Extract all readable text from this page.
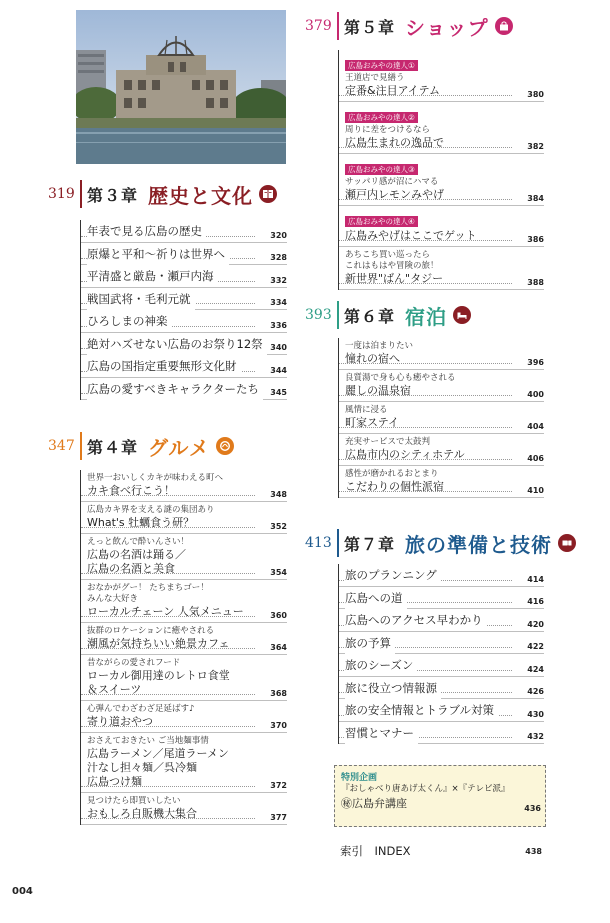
319 第３章 歴史と文化
年表で見る広島の歴史	320
原爆と平和〜祈りは世界へ	328
平清盛と厳島・瀬戸内海	332
戦国武将・毛利元就	334
ひろしまの神楽	336
絶対ハズせない広島のお祭り12祭 340
広島の国指定重要無形文化財	344
広島の愛すべきキャラクターたち	345
347 第４章 グルメ
世界一おいしくカキが味わえる町へ
カキ食べ行こう！	348
広島カキ界を支える謎の集団あり
What's 牡蠣食う研？	352
えっと飲んで酔いんさい！
広島の名酒は踊る／
広島の名酒と美食	354
おなかがグー！ たちまちゴー！
みんな大好き
ローカルチェーン 人気メニュー	360
抜群のロケーションに癒やされる
潮風が気持ちいい絶景カフェ	364
昔ながらの愛されフード
ローカル御用達のレトロ食堂
＆スイーツ	368
心弾んでわざわざ足延ばす♪
寄り道おやつ	370
おさえておきたい ご当地麺事情
広島ラーメン／尾道ラーメン
汁なし担々麺／呉冷麺
広島つけ麺	372
見つけたら即買いしたい
おもしろ自販機大集合	377
379 第５章 ショップ
広島おみやの達人①
王道店で見繕う
定番&注目アイテム	380
広島おみやの達人②
周りに差をつけるなら
広島生まれの逸品で	382
広島おみやの達人③
サッパリ感が沼にハマる
瀬戸内レモンみやげ	384
広島おみやの達人④
広島みやげはここでゲット	386
あちこち買い巡ったら
これはもはや冒険の旅！
新世界"ばん"タジー	388
393 第６章 宿泊
一度は泊まりたい
憧れの宿へ	396
良質湯で身も心も癒やされる
麗しの温泉宿	400
風情に浸る
町家ステイ	404
充実サービスで太鼓判
広島市内のシティホテル	406
感性が磨かれるおとまり
こだわりの個性派宿	410
413 第７章 旅の準備と技術
旅のプランニング	414
広島への道	416
広島へのアクセス早わかり	420
旅の予算	422
旅のシーズン	424
旅に役立つ情報源	426
旅の安全情報とトラブル対策	430
習慣とマナー	432
特別企画
『おしゃべり唐あげ太くん』×『テレビ派』
㊙広島弁講座	436
索引　INDEX	438
004
